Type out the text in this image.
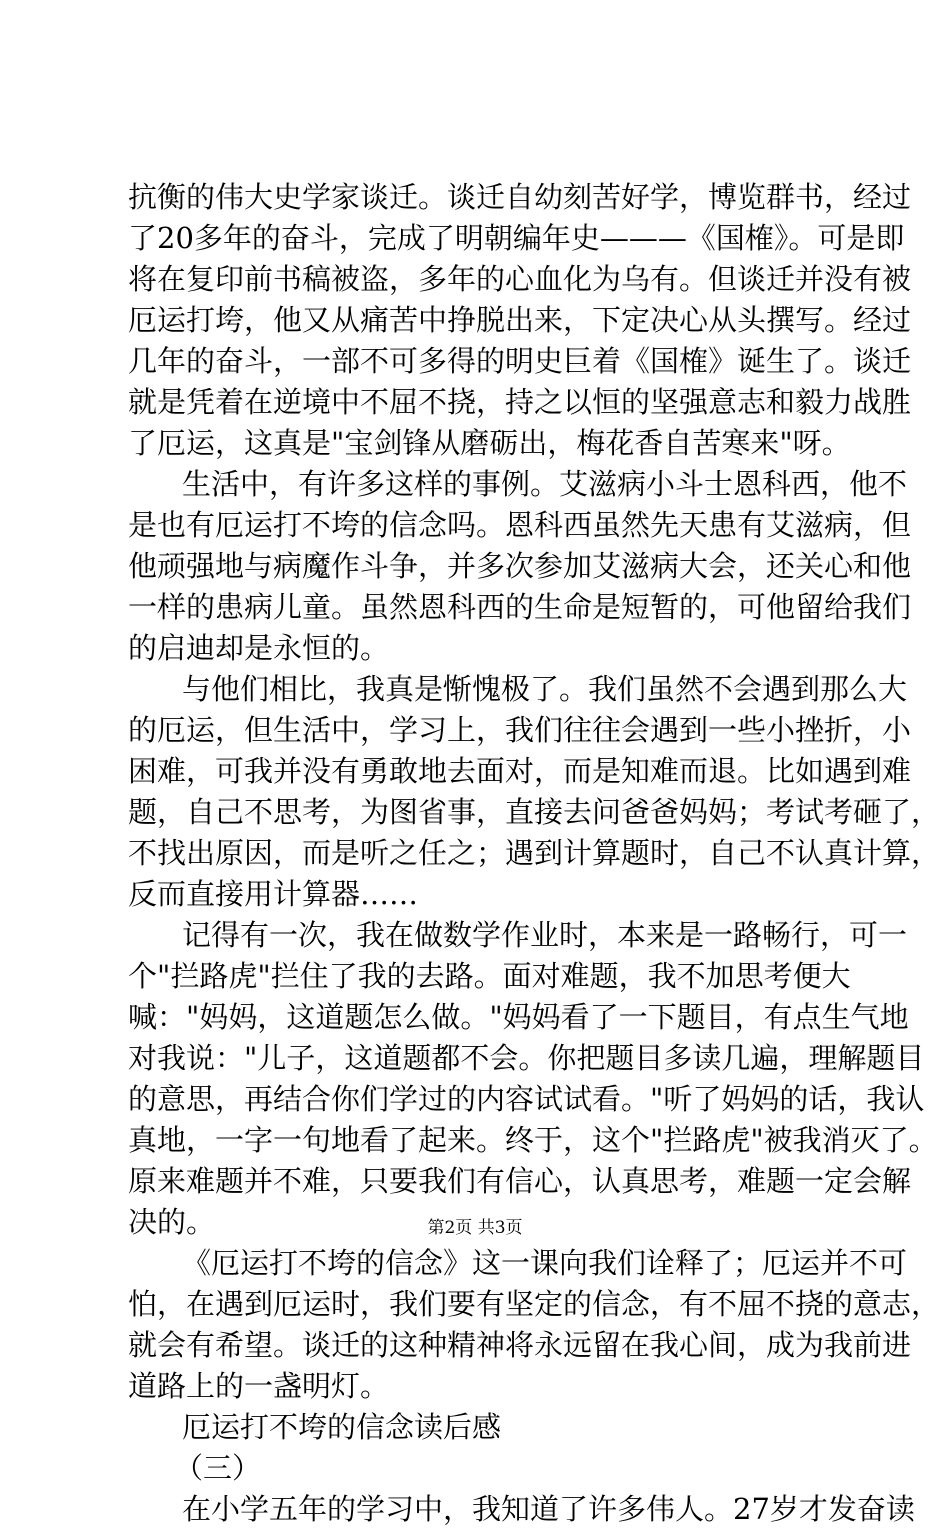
抗衡的伟大史学家谈迁。谈迁自幼刻苦好学，博览群书，经过
了20多年的奋斗，完成了明朝编年史———《国榷》。可是即
将在复印前书稿被盗，多年的心血化为乌有。但谈迁并没有被
厄运打垮，他又从痛苦中挣脱出来，下定决心从头撰写。经过
几年的奋斗，一部不可多得的明史巨着《国榷》诞生了。谈迁
就是凭着在逆境中不屈不挠，持之以恒的坚强意志和毅力战胜
了厄运，这真是"宝剑锋从磨砺出，梅花香自苦寒来"呀。
生活中，有许多这样的事例。艾滋病小斗士恩科西，他不
是也有厄运打不垮的信念吗。恩科西虽然先天患有艾滋病，但
他顽强地与病魔作斗争，并多次参加艾滋病大会，还关心和他
一样的患病儿童。虽然恩科西的生命是短暂的，可他留给我们
的启迪却是永恒的。
与他们相比，我真是惭愧极了。我们虽然不会遇到那么大
的厄运，但生活中，学习上，我们往往会遇到一些小挫折，小
困难，可我并没有勇敢地去面对，而是知难而退。比如遇到难
题，自己不思考，为图省事，直接去问爸爸妈妈；考试考砸了，
不找出原因，而是听之任之；遇到计算题时，自己不认真计算，
反而直接用计算器……
记得有一次，我在做数学作业时，本来是一路畅行，可一
个"拦路虎"拦住了我的去路。面对难题，我不加思考便大
喊："妈妈，这道题怎么做。"妈妈看了一下题目，有点生气地
对我说："儿子，这道题都不会。你把题目多读几遍，理解题目
的意思，再结合你们学过的内容试试看。"听了妈妈的话，我认
真地，一字一句地看了起来。终于，这个"拦路虎"被我消灭了。
原来难题并不难，只要我们有信心，认真思考，难题一定会解
决的。
《厄运打不垮的信念》这一课向我们诠释了；厄运并不可
怕，在遇到厄运时，我们要有坚定的信念，有不屈不挠的意志，
就会有希望。谈迁的这种精神将永远留在我心间，成为我前进
道路上的一盏明灯。
厄运打不垮的信念读后感
（三）
在小学五年的学习中，我知道了许多伟人。27岁才发奋读
第2页 共3页
